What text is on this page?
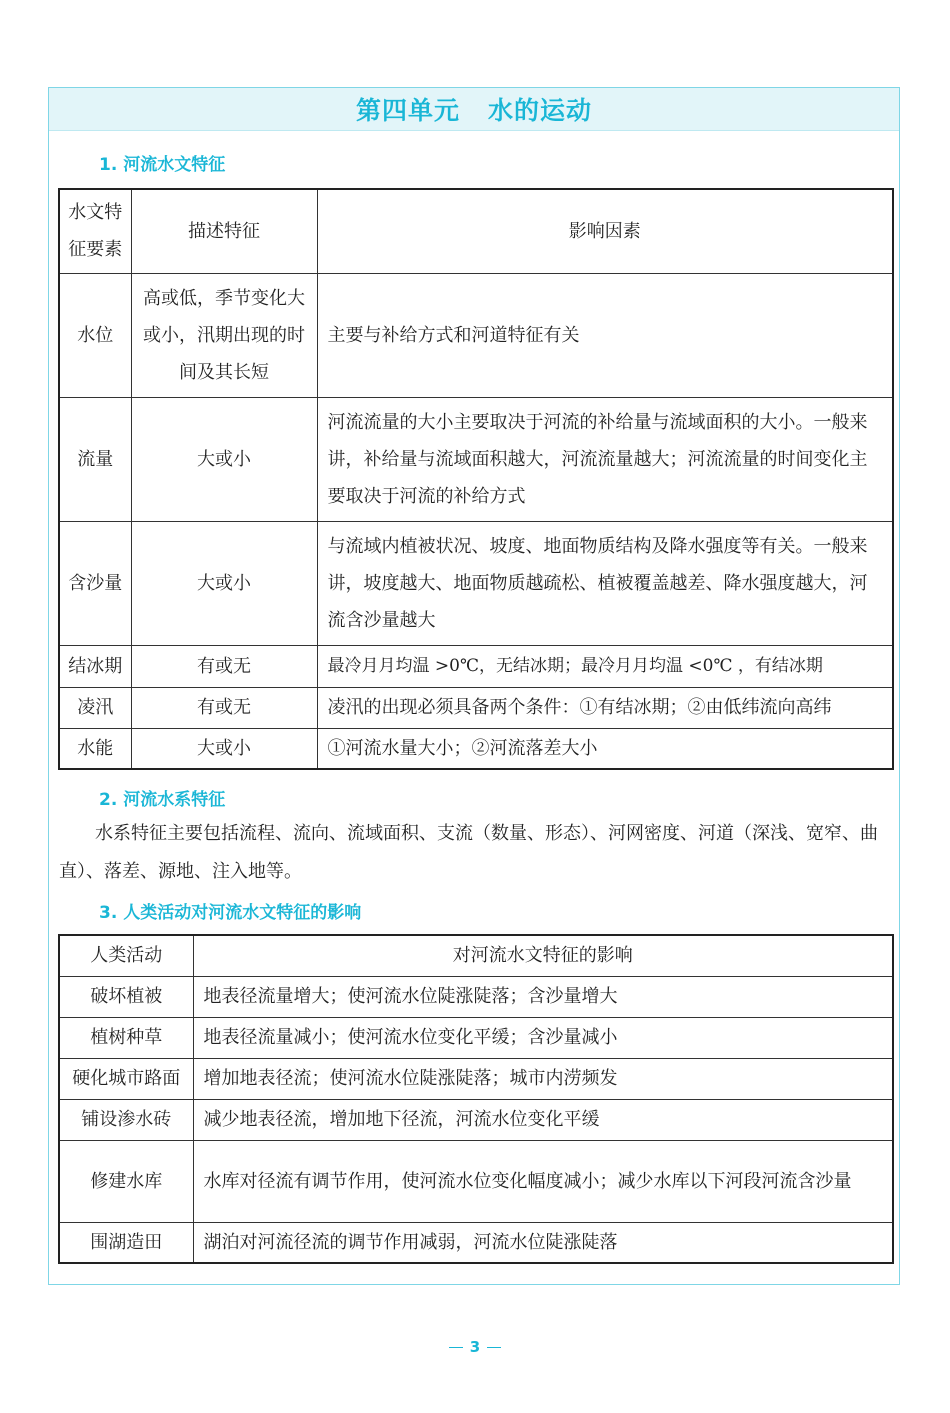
第四单元 水的运动
1. 河流水文特征
水文特征要素	描述特征	影响因素
水位	高或低，季节变化大或小，汛期出现的时间及其长短	主要与补给方式和河道特征有关
流量	大或小	河流流量的大小主要取决于河流的补给量与流域面积的大小。一般来讲，补给量与流域面积越大，河流流量越大；河流流量的时间变化主要取决于河流的补给方式
含沙量	大或小	与流域内植被状况、坡度、地面物质结构及降水强度等有关。一般来讲，坡度越大、地面物质越疏松、植被覆盖越差、降水强度越大，河流含沙量越大
结冰期	有或无	最冷月月均温 >0℃，无结冰期；最冷月月均温 <0℃ ，有结冰期
凌汛	有或无	凌汛的出现必须具备两个条件：①有结冰期；②由低纬流向高纬
水能	大或小	①河流水量大小；②河流落差大小
2. 河流水系特征
水系特征主要包括流程、流向、流域面积、支流（数量、形态）、河网密度、河道（深浅、宽窄、曲直）、落差、源地、注入地等。
3. 人类活动对河流水文特征的影响
人类活动	对河流水文特征的影响
破坏植被	地表径流量增大；使河流水位陡涨陡落；含沙量增大
植树种草	地表径流量减小；使河流水位变化平缓；含沙量减小
硬化城市路面	增加地表径流；使河流水位陡涨陡落；城市内涝频发
铺设渗水砖	减少地表径流，增加地下径流，河流水位变化平缓
修建水库	水库对径流有调节作用，使河流水位变化幅度减小；减少水库以下河段河流含沙量
围湖造田	湖泊对河流径流的调节作用减弱，河流水位陡涨陡落
3
